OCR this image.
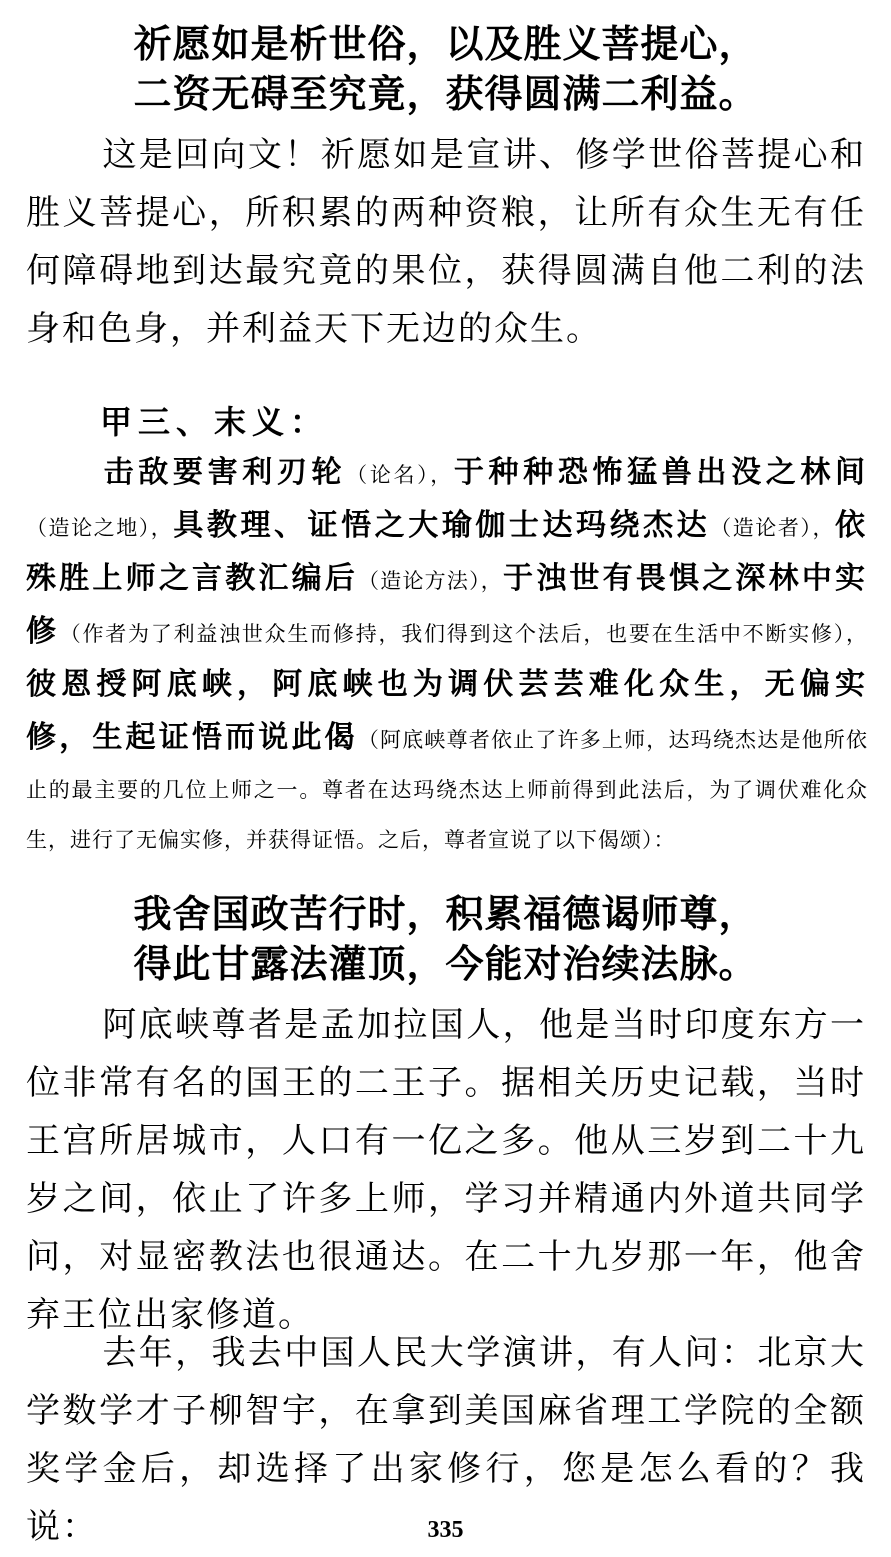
祈愿如是析世俗，以及胜义菩提心，
二资无碍至究竟，获得圆满二利益。
这是回向文！祈愿如是宣讲、修学世俗菩提心和胜义菩提心，所积累的两种资粮，让所有众生无有任何障碍地到达最究竟的果位，获得圆满自他二利的法身和色身，并利益天下无边的众生。
甲三、末义：
击敌要害利刃轮（论名），于种种恐怖猛兽出没之林间（造论之地），具教理、证悟之大瑜伽士达玛绕杰达（造论者），依殊胜上师之言教汇编后（造论方法），于浊世有畏惧之深林中实修（作者为了利益浊世众生而修持，我们得到这个法后，也要在生活中不断实修），彼恩授阿底峡，阿底峡也为调伏芸芸难化众生，无偏实修，生起证悟而说此偈（阿底峡尊者依止了许多上师，达玛绕杰达是他所依止的最主要的几位上师之一。尊者在达玛绕杰达上师前得到此法后，为了调伏难化众生，进行了无偏实修，并获得证悟。之后，尊者宣说了以下偈颂）：
我舍国政苦行时，积累福德谒师尊，
得此甘露法灌顶，今能对治续法脉。
阿底峡尊者是孟加拉国人，他是当时印度东方一位非常有名的国王的二王子。据相关历史记载，当时王宫所居城市，人口有一亿之多。他从三岁到二十九岁之间，依止了许多上师，学习并精通内外道共同学问，对显密教法也很通达。在二十九岁那一年，他舍弃王位出家修道。
去年，我去中国人民大学演讲，有人问：北京大学数学才子柳智宇，在拿到美国麻省理工学院的全额奖学金后，却选择了出家修行，您是怎么看的？我说：	335
